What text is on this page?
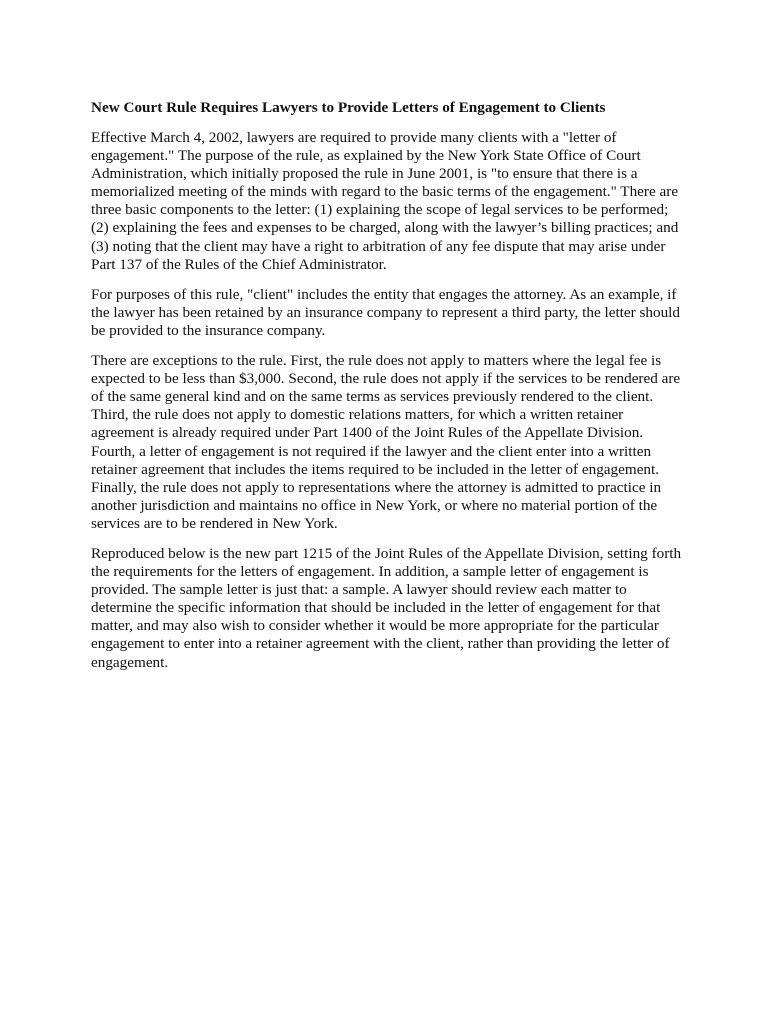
New Court Rule Requires Lawyers to Provide Letters of Engagement to Clients

Effective March 4, 2002, lawyers are required to provide many clients with a "letter of
engagement." The purpose of the rule, as explained by the New York State Office of Court
Administration, which initially proposed the rule in June 2001, is "to ensure that there is a
memorialized meeting of the minds with regard to the basic terms of the engagement." There are
three basic components to the letter: (1) explaining the scope of legal services to be performed;
(2) explaining the fees and expenses to be charged, along with the lawyer’s billing practices; and
(3) noting that the client may have a right to arbitration of any fee dispute that may arise under
Part 137 of the Rules of the Chief Administrator.

For purposes of this rule, "client" includes the entity that engages the attorney. As an example, if
the lawyer has been retained by an insurance company to represent a third party, the letter should
be provided to the insurance company.

There are exceptions to the rule. First, the rule does not apply to matters where the legal fee is
expected to be less than $3,000. Second, the rule does not apply if the services to be rendered are
of the same general kind and on the same terms as services previously rendered to the client.
Third, the rule does not apply to domestic relations matters, for which a written retainer
agreement is already required under Part 1400 of the Joint Rules of the Appellate Division.
Fourth, a letter of engagement is not required if the lawyer and the client enter into a written
retainer agreement that includes the items required to be included in the letter of engagement.
Finally, the rule does not apply to representations where the attorney is admitted to practice in
another jurisdiction and maintains no office in New York, or where no material portion of the
services are to be rendered in New York.

Reproduced below is the new part 1215 of the Joint Rules of the Appellate Division, setting forth
the requirements for the letters of engagement. In addition, a sample letter of engagement is
provided. The sample letter is just that: a sample. A lawyer should review each matter to
determine the specific information that should be included in the letter of engagement for that
matter, and may also wish to consider whether it would be more appropriate for the particular
engagement to enter into a retainer agreement with the client, rather than providing the letter of
engagement.
